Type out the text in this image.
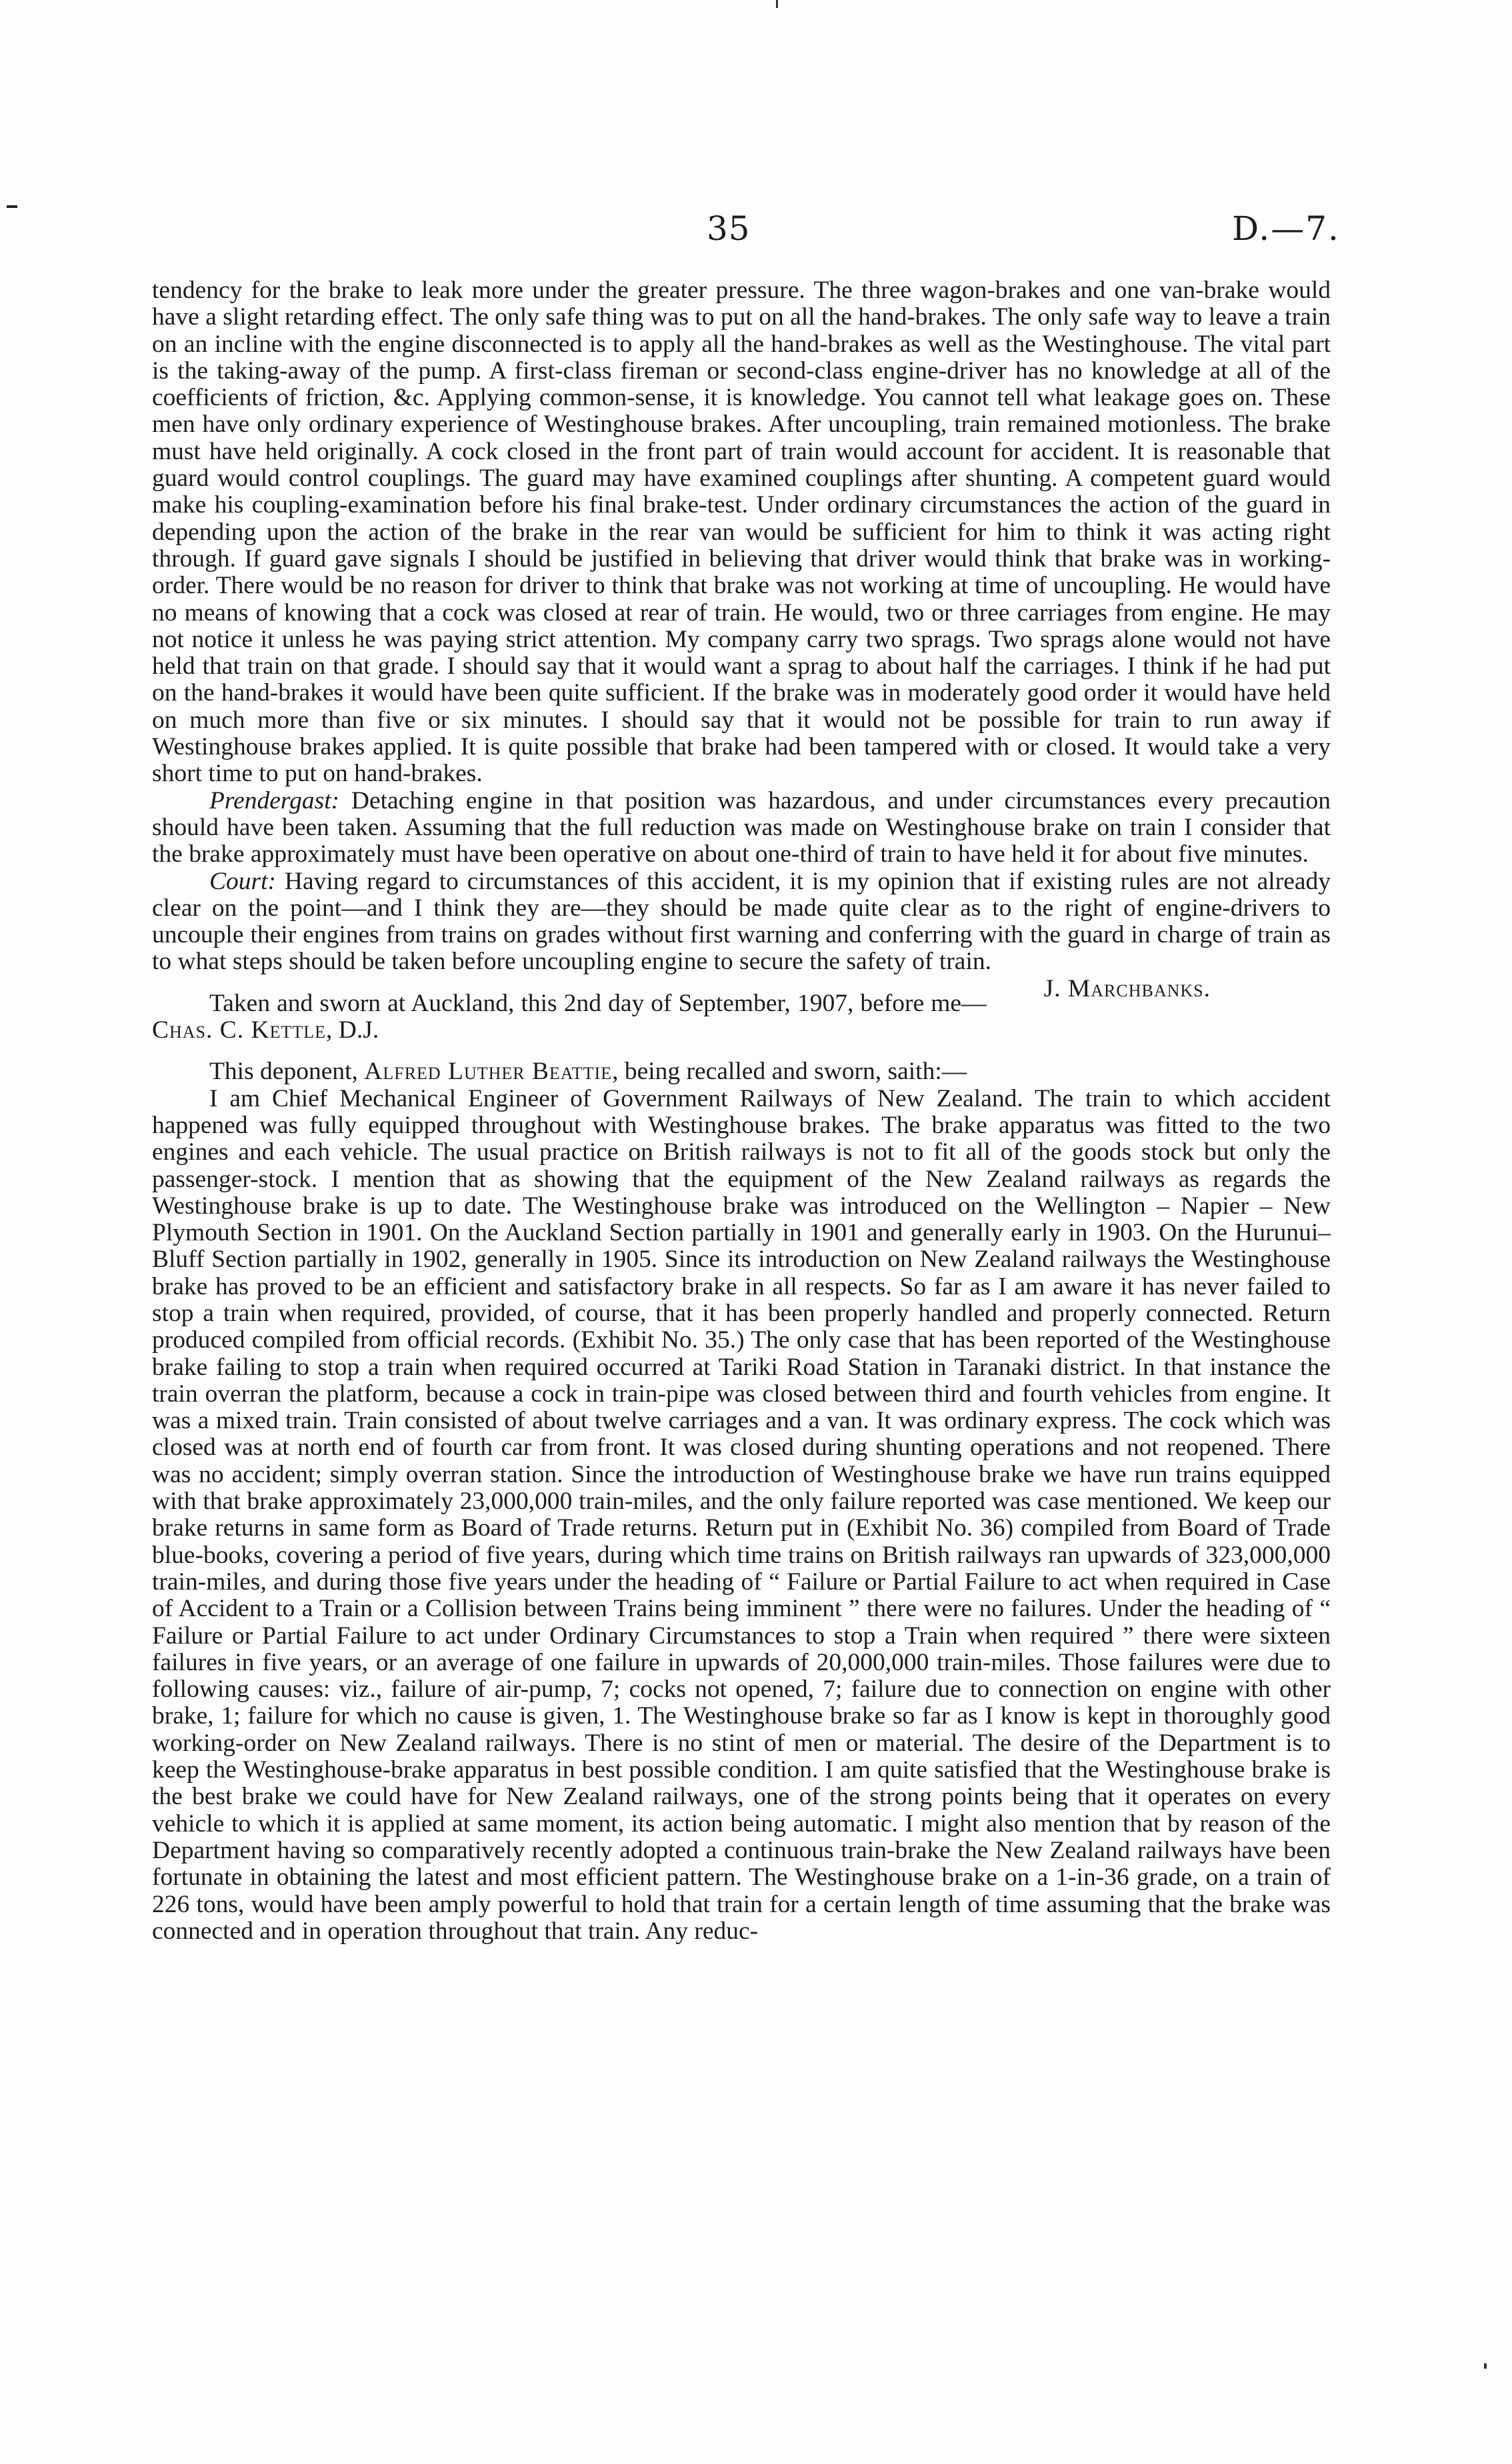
35	D.—7.

tendency for the brake to leak more under the greater pressure. The three wagon-brakes and one van-brake would have a slight retarding effect. The only safe thing was to put on all the hand-brakes. The only safe way to leave a train on an incline with the engine disconnected is to apply all the hand-brakes as well as the Westinghouse. The vital part is the taking-away of the pump. A first-class fireman or second-class engine-driver has no knowledge at all of the coefficients of friction, &c. Applying common-sense, it is knowledge. You cannot tell what leakage goes on. These men have only ordinary experience of Westinghouse brakes. After uncoupling, train remained motionless. The brake must have held originally. A cock closed in the front part of train would account for accident. It is reasonable that guard would control couplings. The guard may have examined couplings after shunting. A competent guard would make his coupling-examination before his final brake-test. Under ordinary circumstances the action of the guard in depending upon the action of the brake in the rear van would be sufficient for him to think it was acting right through. If guard gave signals I should be justified in believing that driver would think that brake was in working-order. There would be no reason for driver to think that brake was not working at time of uncoupling. He would have no means of knowing that a cock was closed at rear of train. He would, two or three carriages from engine. He may not notice it unless he was paying strict attention. My company carry two sprags. Two sprags alone would not have held that train on that grade. I should say that it would want a sprag to about half the carriages. I think if he had put on the hand-brakes it would have been quite sufficient. If the brake was in moderately good order it would have held on much more than five or six minutes. I should say that it would not be possible for train to run away if Westinghouse brakes applied. It is quite possible that brake had been tampered with or closed. It would take a very short time to put on hand-brakes.

Prendergast: Detaching engine in that position was hazardous, and under circumstances every precaution should have been taken. Assuming that the full reduction was made on Westinghouse brake on train I consider that the brake approximately must have been operative on about one-third of train to have held it for about five minutes.

Court: Having regard to circumstances of this accident, it is my opinion that if existing rules are not already clear on the point—and I think they are—they should be made quite clear as to the right of engine-drivers to uncouple their engines from trains on grades without first warning and conferring with the guard in charge of train as to what steps should be taken before uncoupling engine to secure the safety of train.
J. Marchbanks.

Taken and sworn at Auckland, this 2nd day of September, 1907, before me—Chas. C. Kettle, D.J.

This deponent, Alfred Luther Beattie, being recalled and sworn, saith:—

I am Chief Mechanical Engineer of Government Railways of New Zealand. The train to which accident happened was fully equipped throughout with Westinghouse brakes. The brake apparatus was fitted to the two engines and each vehicle. The usual practice on British railways is not to fit all of the goods stock but only the passenger-stock. I mention that as showing that the equipment of the New Zealand railways as regards the Westinghouse brake is up to date. The Westinghouse brake was introduced on the Wellington – Napier – New Plymouth Section in 1901. On the Auckland Section partially in 1901 and generally early in 1903. On the Hurunui–Bluff Section partially in 1902, generally in 1905. Since its introduction on New Zealand railways the Westinghouse brake has proved to be an efficient and satisfactory brake in all respects. So far as I am aware it has never failed to stop a train when required, provided, of course, that it has been properly handled and properly connected. Return produced compiled from official records. (Exhibit No. 35.) The only case that has been reported of the Westinghouse brake failing to stop a train when required occurred at Tariki Road Station in Taranaki district. In that instance the train overran the platform, because a cock in train-pipe was closed between third and fourth vehicles from engine. It was a mixed train. Train consisted of about twelve carriages and a van. It was ordinary express. The cock which was closed was at north end of fourth car from front. It was closed during shunting operations and not reopened. There was no accident; simply overran station. Since the introduction of Westinghouse brake we have run trains equipped with that brake approximately 23,000,000 train-miles, and the only failure reported was case mentioned. We keep our brake returns in same form as Board of Trade returns. Return put in (Exhibit No. 36) compiled from Board of Trade blue-books, covering a period of five years, during which time trains on British railways ran upwards of 323,000,000 train-miles, and during those five years under the heading of “ Failure or Partial Failure to act when required in Case of Accident to a Train or a Collision between Trains being imminent ” there were no failures. Under the heading of “ Failure or Partial Failure to act under Ordinary Circumstances to stop a Train when required ” there were sixteen failures in five years, or an average of one failure in upwards of 20,000,000 train-miles. Those failures were due to following causes: viz., failure of air-pump, 7; cocks not opened, 7; failure due to connection on engine with other brake, 1; failure for which no cause is given, 1. The Westinghouse brake so far as I know is kept in thoroughly good working-order on New Zealand railways. There is no stint of men or material. The desire of the Department is to keep the Westinghouse-brake apparatus in best possible condition. I am quite satisfied that the Westinghouse brake is the best brake we could have for New Zealand railways, one of the strong points being that it operates on every vehicle to which it is applied at same moment, its action being automatic. I might also mention that by reason of the Department having so comparatively recently adopted a continuous train-brake the New Zealand railways have been fortunate in obtaining the latest and most efficient pattern. The Westinghouse brake on a 1-in-36 grade, on a train of 226 tons, would have been amply powerful to hold that train for a certain length of time assuming that the brake was connected and in operation throughout that train. Any reduc-
